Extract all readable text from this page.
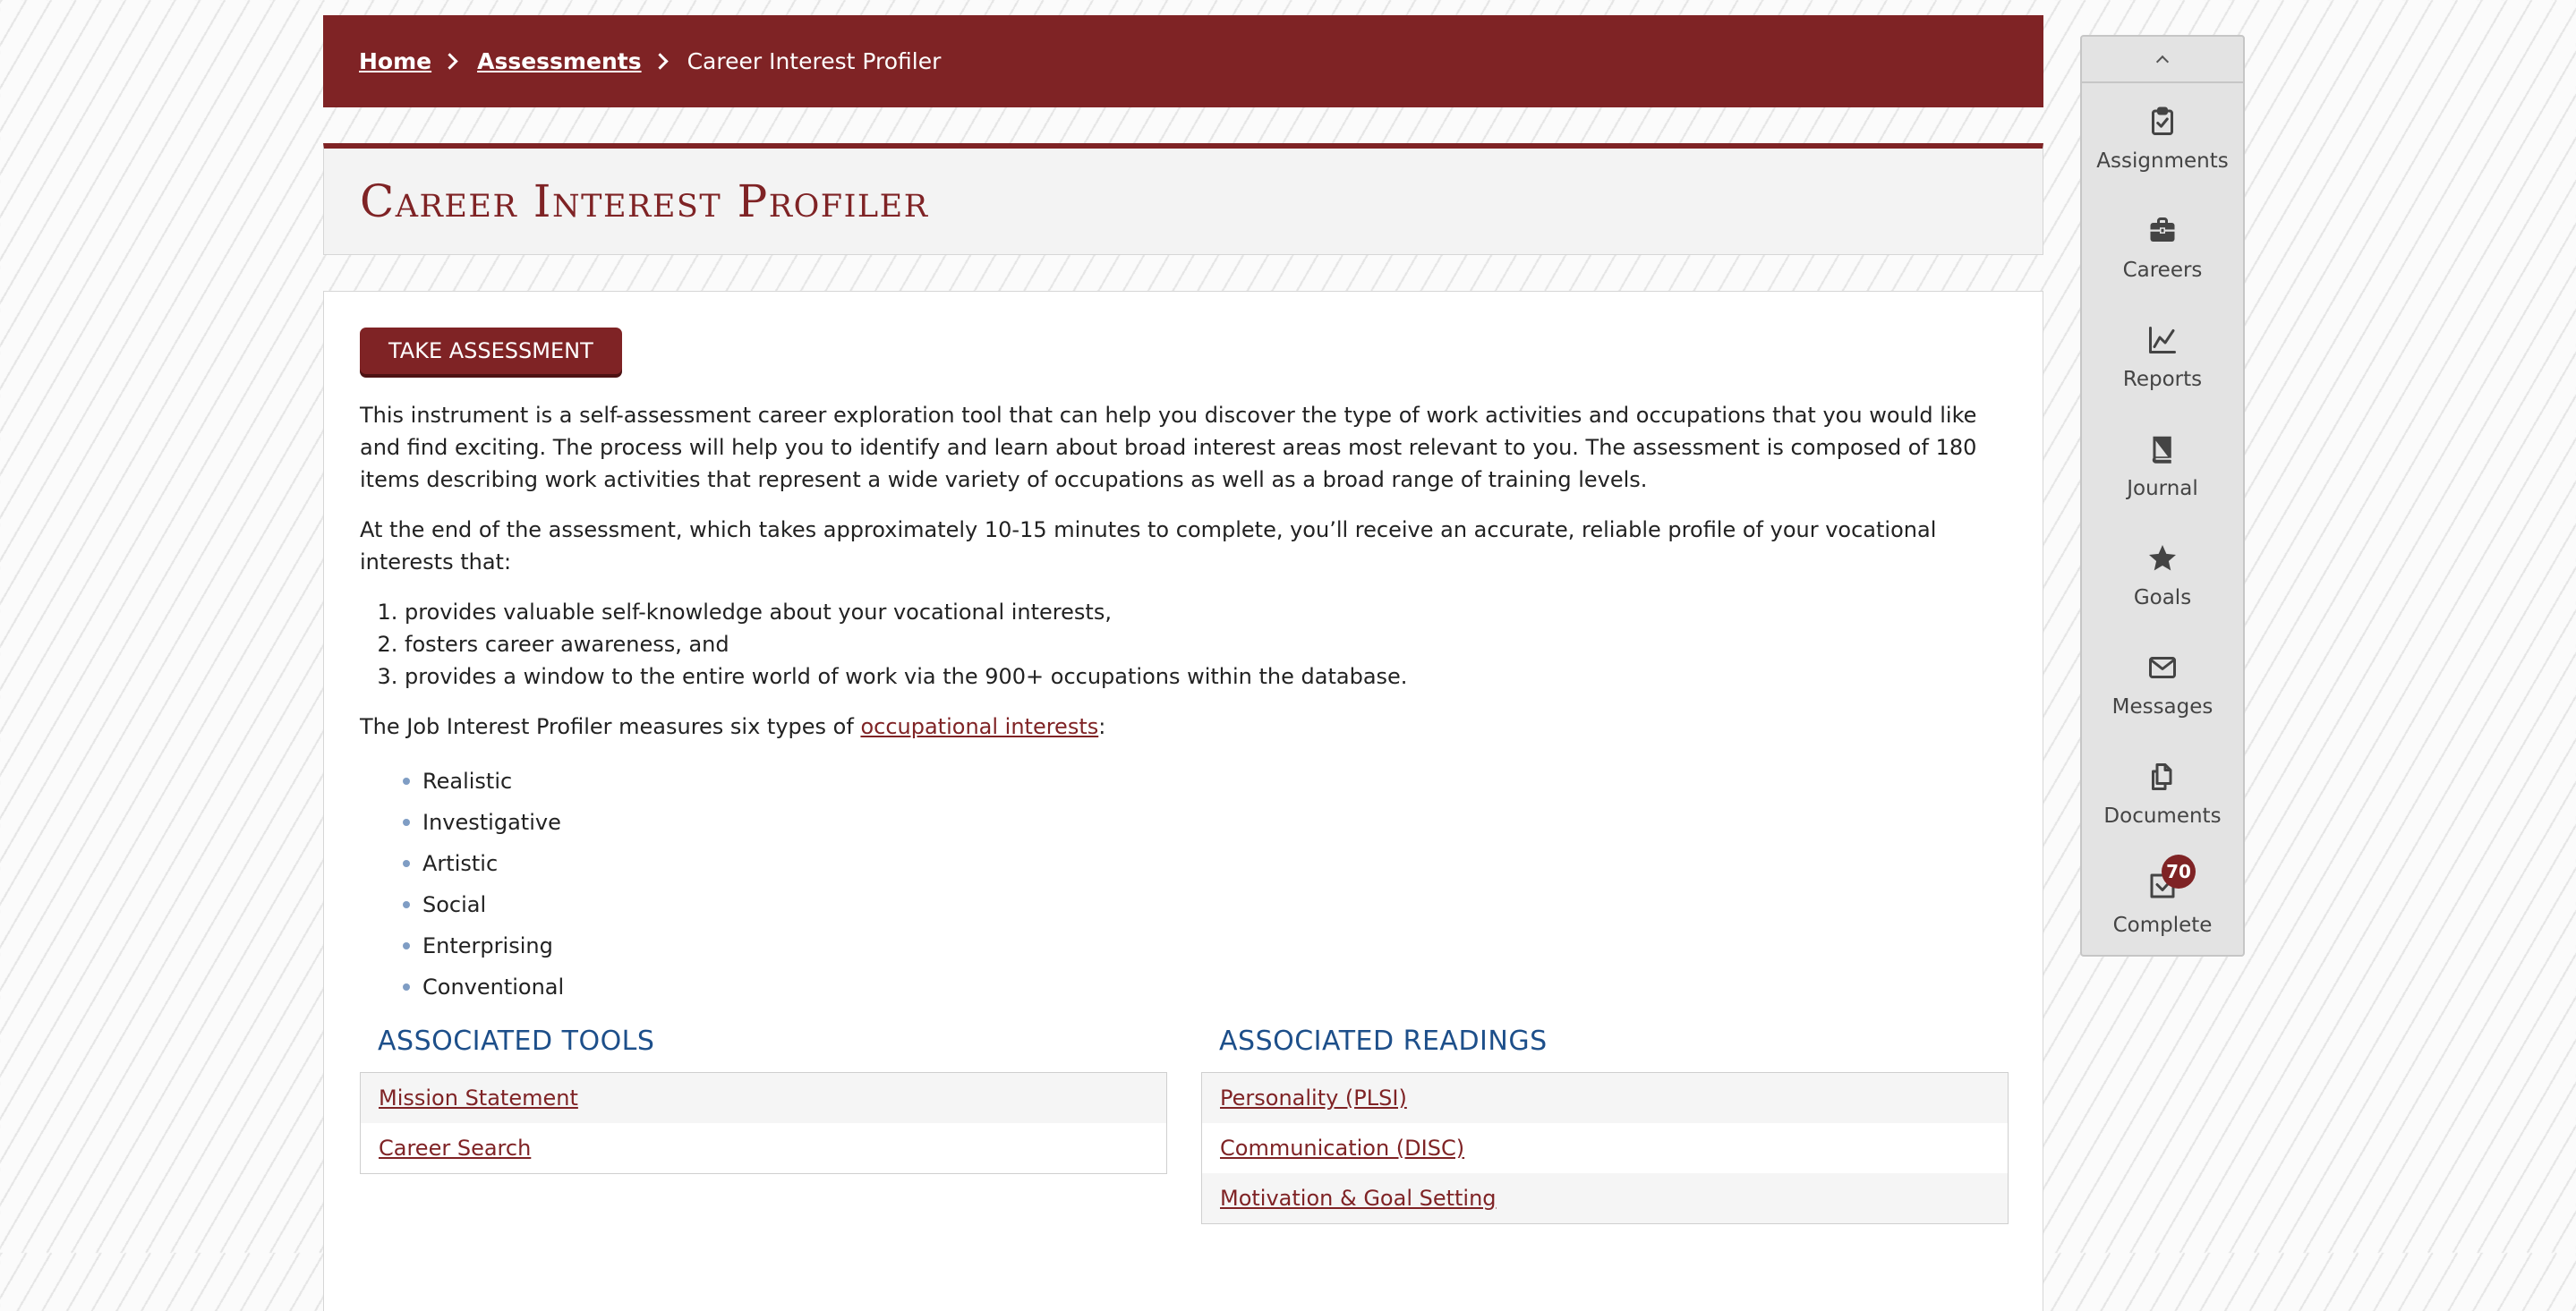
Home Assessments Career Interest Profiler
Career Interest Profiler
TAKE ASSESSMENT

This instrument is a self-assessment career exploration tool that can help you discover the type of work activities and occupations that you would like and find exciting. The process will help you to identify and learn about broad interest areas most relevant to you. The assessment is composed of 180 items describing work activities that represent a wide variety of occupations as well as a broad range of training levels.

At the end of the assessment, which takes approximately 10-15 minutes to complete, you’ll receive an accurate, reliable profile of your vocational interests that:

1. provides valuable self-knowledge about your vocational interests,
2. fosters career awareness, and
3. provides a window to the entire world of work via the 900+ occupations within the database.

The Job Interest Profiler measures six types of occupational interests:

Realistic
Investigative
Artistic
Social
Enterprising
Conventional
ASSOCIATED TOOLS
Mission Statement
Career Search
ASSOCIATED READINGS
Personality (PLSI)
Communication (DISC)
Motivation & Goal Setting
Assignments
Careers
Reports
Journal
Goals
Messages
Documents
70
Complete
